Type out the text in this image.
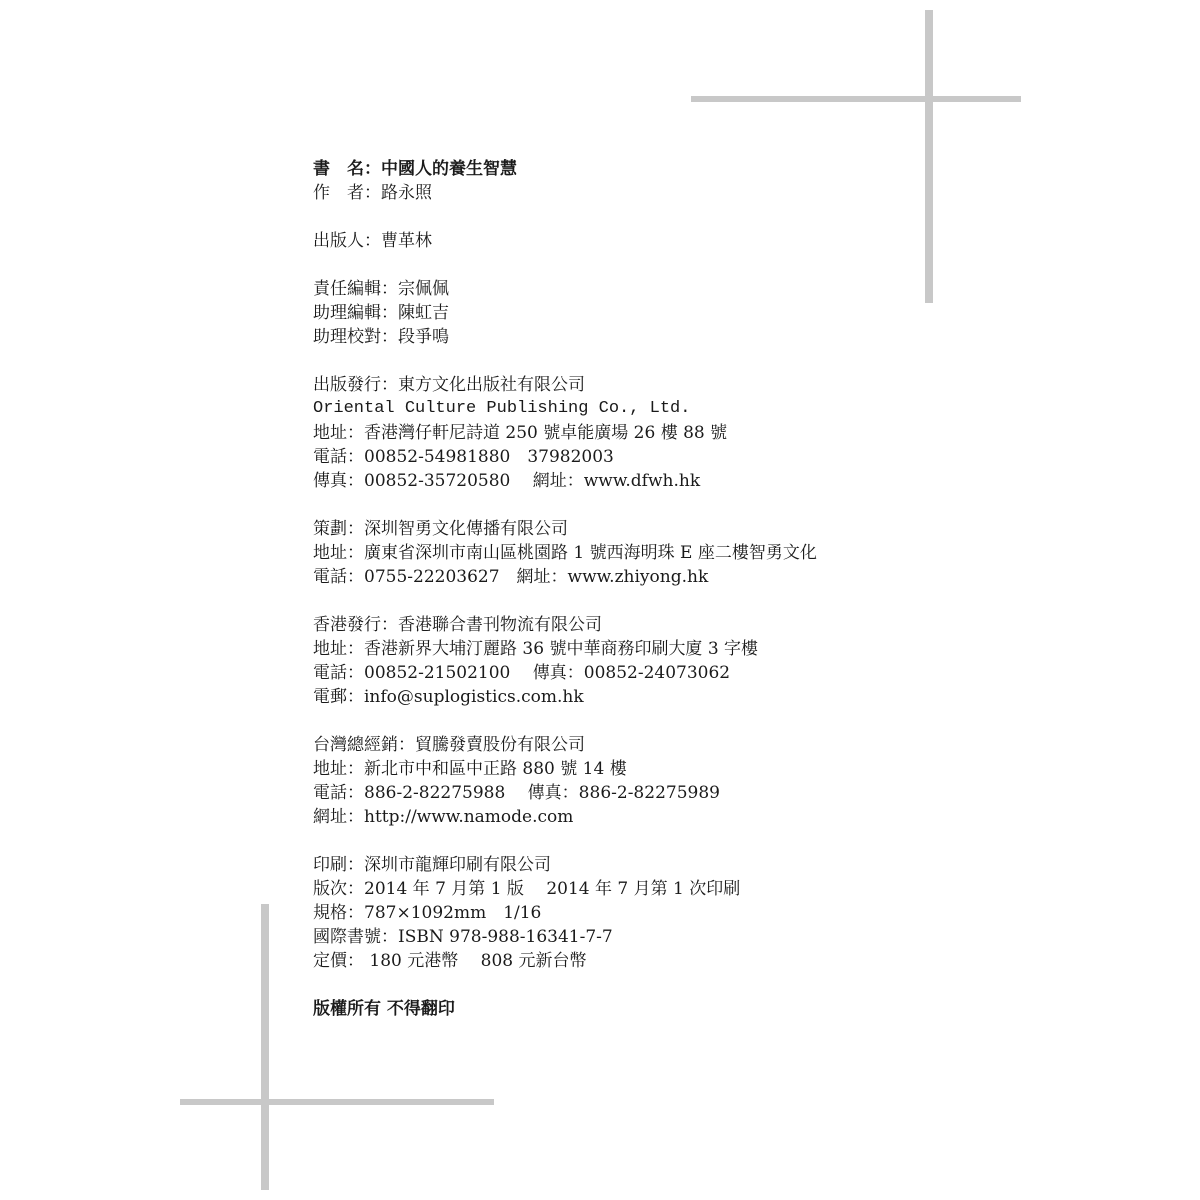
書　名：中國人的養生智慧
作　者：路永照
出版人：曹革林
責任編輯：宗佩佩
助理編輯：陳虹吉
助理校對：段爭鳴
出版發行：東方文化出版社有限公司
Oriental Culture Publishing Co., Ltd.
地址：香港灣仔軒尼詩道 250 號卓能廣場 26 樓 88 號
電話：00852-54981880　37982003
傳真：00852-35720580　 網址：www.dfwh.hk
策劃：深圳智勇文化傳播有限公司
地址：廣東省深圳市南山區桃園路 1 號西海明珠 E 座二樓智勇文化
電話：0755-22203627　網址：www.zhiyong.hk
香港發行：香港聯合書刊物流有限公司
地址：香港新界大埔汀麗路 36 號中華商務印刷大廈 3 字樓
電話：00852-21502100　 傳真：00852-24073062
電郵：info@suplogistics.com.hk
台灣總經銷：貿騰發賣股份有限公司
地址：新北市中和區中正路 880 號 14 樓
電話：886-2-82275988　 傳真：886-2-82275989
網址：http://www.namode.com
印刷：深圳市龍輝印刷有限公司
版次：2014 年 7 月第 1 版　 2014 年 7 月第 1 次印刷
規格：787×1092mm　1/16
國際書號：ISBN 978-988-16341-7-7
定價： 180 元港幣　 808 元新台幣
版權所有 不得翻印
